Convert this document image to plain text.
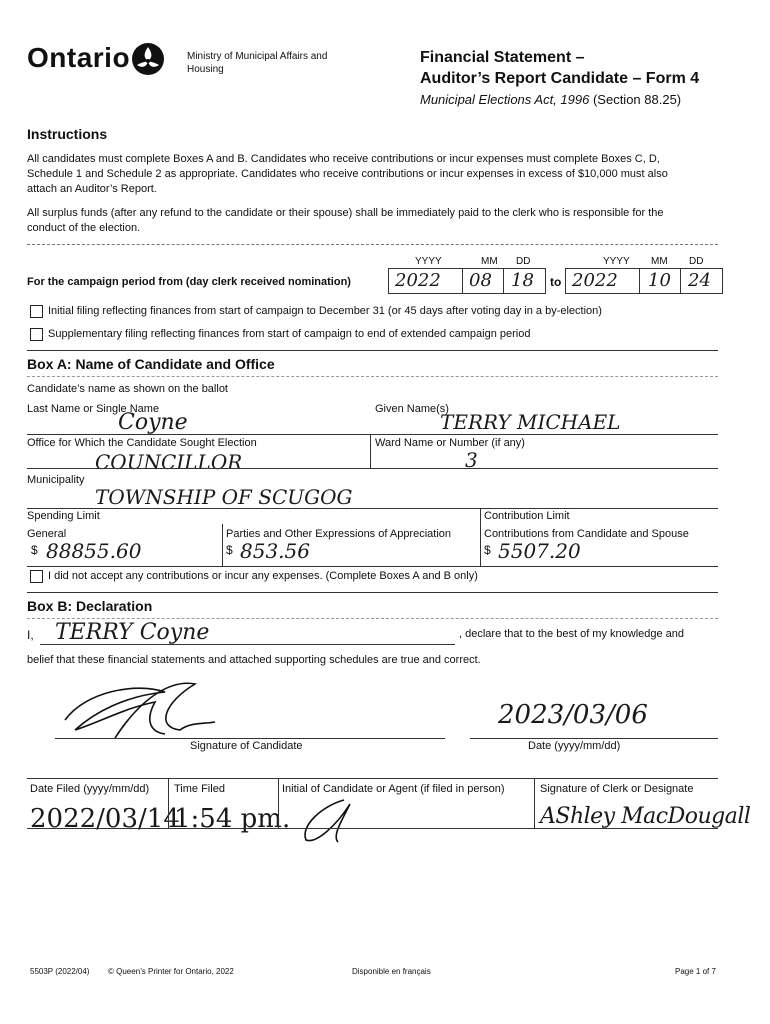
Ontario	Ministry of Municipal Affairs and Housing
Financial Statement –
Auditor’s Report Candidate – Form 4
Municipal Elections Act, 1996 (Section 88.25)
Instructions
All candidates must complete Boxes A and B. Candidates who receive contributions or incur expenses must complete Boxes C, D, Schedule 1 and Schedule 2 as appropriate. Candidates who receive contributions or incur expenses in excess of $10,000 must also attach an Auditor’s Report.
All surplus funds (after any refund to the candidate or their spouse) shall be immediately paid to the clerk who is responsible for the conduct of the election.
YYYY	MM DD	YYYY MM DD
For the campaign period from (day clerk received nomination) 2022 08 18 to 2022 10 24
Initial filing reflecting finances from start of campaign to December 31 (or 45 days after voting day in a by-election)
Supplementary filing reflecting finances from start of campaign to end of extended campaign period
Box A: Name of Candidate and Office
Candidate’s name as shown on the ballot
Last Name or Single Name
Coyne
Given Name(s)
TERRY MICHAEL
Office for Which the Candidate Sought Election
COUNCILLOR
Ward Name or Number (if any)
3
Municipality
TOWNSHIP OF SCUGOG
Spending Limit	Contribution Limit
General
$ 88855.60
Parties and Other Expressions of Appreciation
$ 853.56
Contributions from Candidate and Spouse
$ 5507.20
I did not accept any contributions or incur any expenses. (Complete Boxes A and B only)
Box B: Declaration
I, TERRY Coyne	, declare that to the best of my knowledge and
belief that these financial statements and attached supporting schedules are true and correct.
Signature of Candidate
2023/03/06
Date (yyyy/mm/dd)
Date Filed (yyyy/mm/dd)
2022/03/14
Time Filed
1:54 pm.
Initial of Candidate or Agent (if filed in person)	Signature of Clerk or Designate
AShley MacDougall
5503P (2022/04) © Queen’s Printer for Ontario, 2022	Disponible en français	Page 1 of 7
